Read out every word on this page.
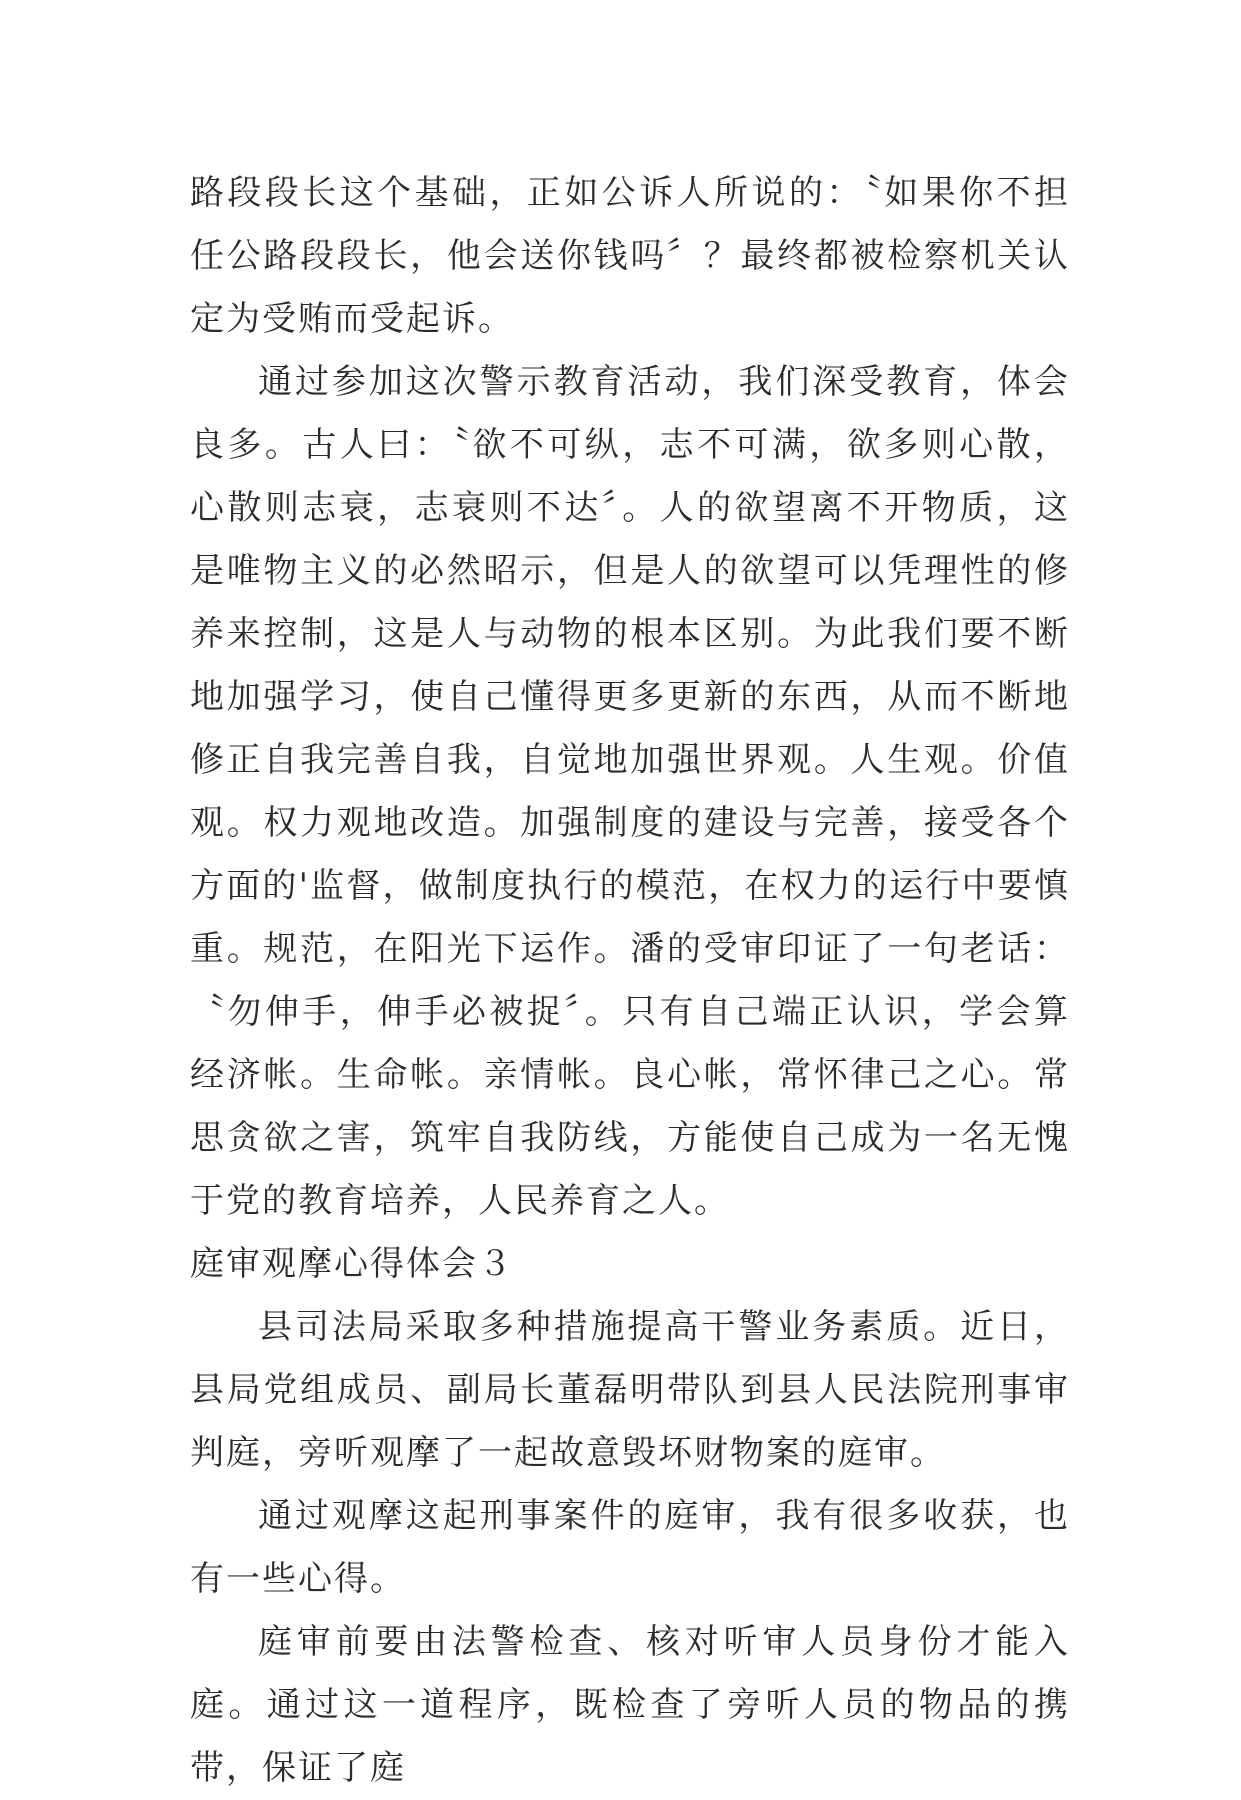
路段段长这个基础，正如公诉人所说的：〝如果你不担任公路段段长，他会送你钱吗〞？最终都被检察机关认定为受贿而受起诉。

通过参加这次警示教育活动，我们深受教育，体会良多。古人曰：〝欲不可纵，志不可满，欲多则心散，心散则志衰，志衰则不达〞。人的欲望离不开物质，这是唯物主义的必然昭示，但是人的欲望可以凭理性的修养来控制，这是人与动物的根本区别。为此我们要不断地加强学习，使自己懂得更多更新的东西，从而不断地修正自我完善自我，自觉地加强世界观。人生观。价值观。权力观地改造。加强制度的建设与完善，接受各个方面的'监督，做制度执行的模范，在权力的运行中要慎重。规范，在阳光下运作。潘的受审印证了一句老话：〝勿伸手，伸手必被捉〞。只有自己端正认识，学会算经济帐。生命帐。亲情帐。良心帐，常怀律己之心。常思贪欲之害，筑牢自我防线，方能使自己成为一名无愧于党的教育培养，人民养育之人。

庭审观摩心得体会３

县司法局采取多种措施提高干警业务素质。近日，县局党组成员、副局长董磊明带队到县人民法院刑事审判庭，旁听观摩了一起故意毁坏财物案的庭审。

通过观摩这起刑事案件的庭审，我有很多收获，也有一些心得。

庭审前要由法警检查、核对听审人员身份才能入庭。通过这一道程序，既检查了旁听人员的物品的携带，保证了庭
